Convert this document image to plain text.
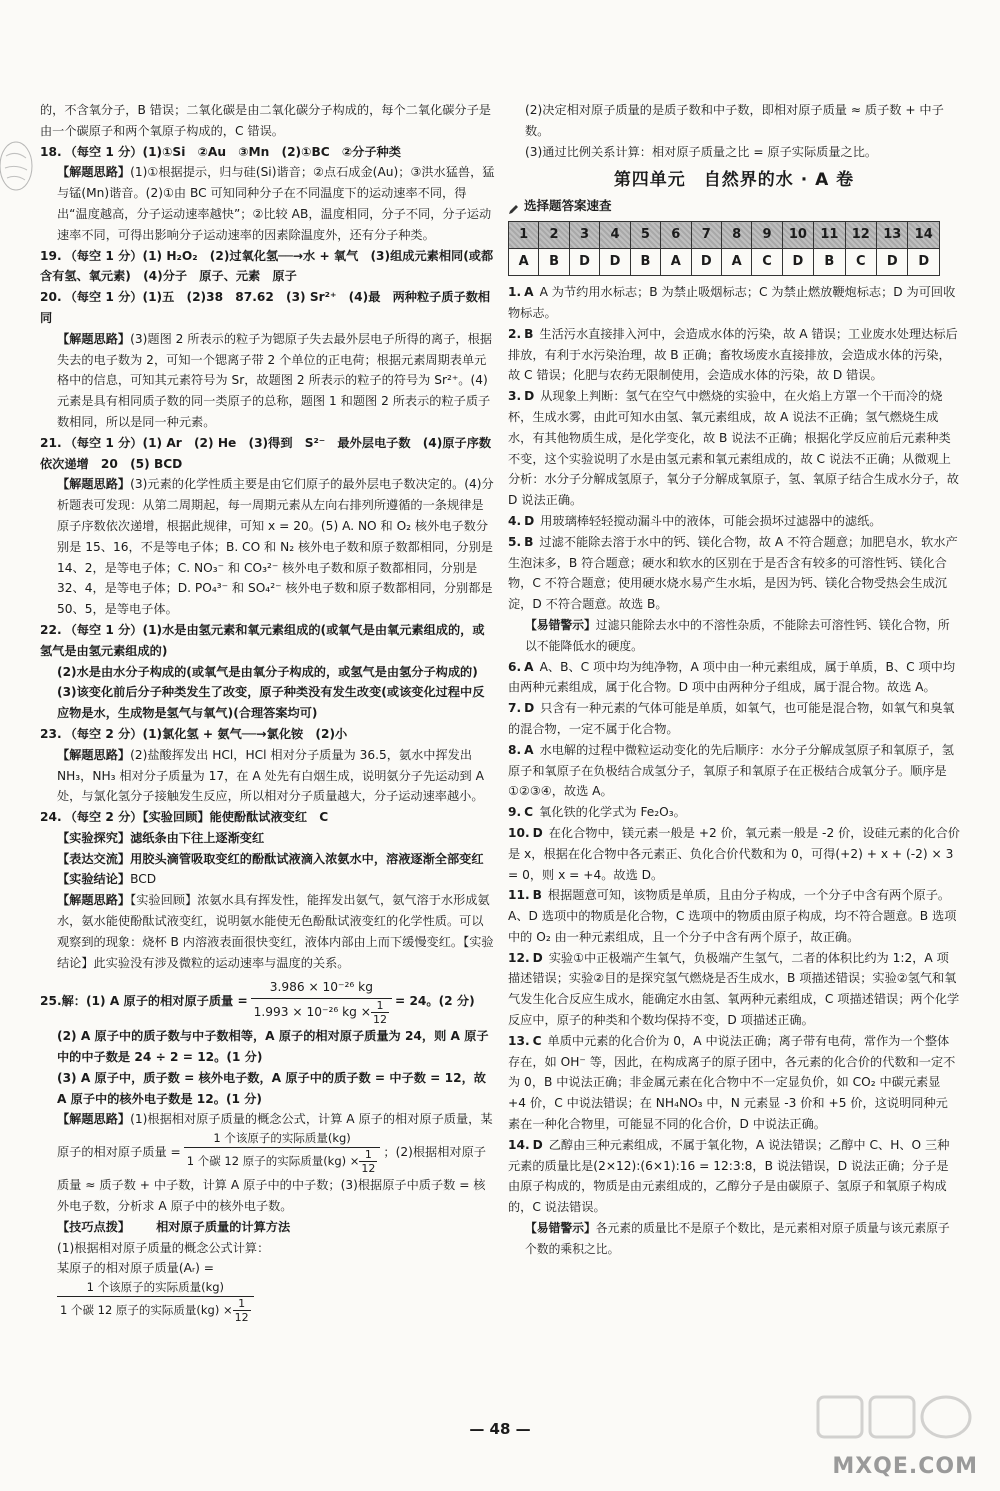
的，不含氧分子，B 错误；二氧化碳是由二氧化碳分子构成的，每个二氧化碳分子是由一个碳原子和两个氧原子构成的，C 错误。

18. （每空 1 分）(1)①Si　②Au　③Mn　(2)①BC　②分子种类

【解题思路】(1)①根据提示，归与硅(Si)谐音；②点石成金(Au)；③洪水猛兽，猛与锰(Mn)谐音。(2)①由 BC 可知同种分子在不同温度下的运动速率不同，得出“温度越高，分子运动速率越快”；②比较 AB，温度相同，分子不同，分子运动速率不同，可得出影响分子运动速率的因素除温度外，还有分子种类。

19. （每空 1 分）(1) H₂O₂　(2)过氧化氢──→水 + 氧气　(3)组成元素相同(或都含有氢、氧元素)　(4)分子　原子、元素　原子

20. （每空 1 分）(1)五　(2)38　87.62　(3) Sr²⁺　(4)最　两种粒子质子数相同

【解题思路】(3)题图 2 所表示的粒子为锶原子失去最外层电子所得的离子，根据失去的电子数为 2，可知一个锶离子带 2 个单位的正电荷；根据元素周期表单元格中的信息，可知其元素符号为 Sr，故题图 2 所表示的粒子的符号为 Sr²⁺。(4)元素是具有相同质子数的同一类原子的总称，题图 1 和题图 2 所表示的粒子质子数相同，所以是同一种元素。

21. （每空 1 分）(1) Ar　(2) He　(3)得到　S²⁻　最外层电子数　(4)原子序数依次递增　20　(5) BCD

【解题思路】(3)元素的化学性质主要是由它们原子的最外层电子数决定的。(4)分析题表可发现：从第二周期起，每一周期元素从左向右排列所遵循的一条规律是原子序数依次递增，根据此规律，可知 x = 20。(5) A. NO 和 O₂ 核外电子数分别是 15、16，不是等电子体；B. CO 和 N₂ 核外电子数和原子数都相同，分别是 14、2，是等电子体；C. NO₃⁻ 和 CO₃²⁻ 核外电子数和原子数都相同，分别是 32、4，是等电子体；D. PO₄³⁻ 和 SO₄²⁻ 核外电子数和原子数都相同，分别都是 50、5，是等电子体。

22. （每空 1 分）(1)水是由氢元素和氧元素组成的(或氧气是由氧元素组成的，或氢气是由氢元素组成的)

(2)水是由水分子构成的(或氧气是由氧分子构成的，或氢气是由氢分子构成的)

(3)该变化前后分子种类发生了改变，原子种类没有发生改变(或该变化过程中反应物是水，生成物是氢气与氧气)(合理答案均可)

23. （每空 2 分）(1)氯化氢 + 氨气──→氯化铵　(2)小

【解题思路】(2)盐酸挥发出 HCl，HCl 相对分子质量为 36.5，氨水中挥发出 NH₃，NH₃ 相对分子质量为 17，在 A 处先有白烟生成，说明氨分子先运动到 A 处，与氯化氢分子接触发生反应，所以相对分子质量越大，分子运动速率越小。

24. （每空 2 分）【实验回顾】能使酚酞试液变红　C

【实验探究】滤纸条由下往上逐渐变红

【表达交流】用胶头滴管吸取变红的酚酞试液滴入浓氨水中，溶液逐渐全部变红

【实验结论】BCD

【解题思路】【实验回顾】浓氨水具有挥发性，能挥发出氨气，氨气溶于水形成氨水，氨水能使酚酞试液变红，说明氨水能使无色酚酞试液变红的化学性质。可以观察到的现象：烧杯 B 内溶液表面很快变红，液体内部由上而下缓慢变红。【实验结论】此实验没有涉及微粒的运动速率与温度的关系。

25.解：(1) A 原子的相对原子质量 = $\frac{\text{3.986 × 10⁻²⁶ kg}}{1.993 \times 10^{-26} kg \times \frac{1}{12}} = 24$。(2 分)

(2) A 原子中的质子数与中子数相等，A 原子的相对原子质量为 24，则 A 原子中的中子数是 24 ÷ 2 = 12。(1 分)

(3) A 原子中，质子数 = 核外电子数，A 原子中的质子数 = 中子数 = 12，故 A 原子中的核外电子数是 12。(1 分)

【解题思路】(1)根据相对原子质量的概念公式，计算 A 原子的相对原子质量，某原子的相对原子质量 = $\frac{\text{1 个该原子的实际质量(kg)}}{1 个碳 12 原子的实际质量(kg) \times \frac{1}{12}}$ ；(2)根据相对原子质量 ≈ 质子数 + 中子数，计算 A 原子中的中子数；(3)根据原子中质子数 = 核外电子数，分析求 A 原子中的核外电子数。

【技巧点拨】 相对原子质量的计算方法

(1)根据相对原子质量的概念公式计算：

某原子的相对原子质量(Aᵣ) =

$\frac{\text{1 个该原子的实际质量(kg)}}{1 个碳 12 原子的实际质量(kg) \times \frac{1}{12}}$

(2)决定相对原子质量的是质子数和中子数，即相对原子质量 ≈ 质子数 + 中子数。

(3)通过比例关系计算：相对原子质量之比 = 原子实际质量之比。

第四单元　自然界的水 · A 卷
选择题答案速查
1	2	3	4	5	6	7	8	9	10	11	12	13	14
A	B	D	D	B	A	D	A	C	D	B	C	D	D

1. A A 为节约用水标志；B 为禁止吸烟标志；C 为禁止燃放鞭炮标志；D 为可回收物标志。

2. B 生活污水直接排入河中，会造成水体的污染，故 A 错误；工业废水处理达标后排放，有利于水污染治理，故 B 正确；畜牧场废水直接排放，会造成水体的污染，故 C 错误；化肥与农药无限制使用，会造成水体的污染，故 D 错误。

3. D 从现象上判断：氢气在空气中燃烧的实验中，在火焰上方罩一个干而冷的烧杯，生成水雾，由此可知水由氢、氧元素组成，故 A 说法不正确；氢气燃烧生成水，有其他物质生成，是化学变化，故 B 说法不正确；根据化学反应前后元素种类不变，这个实验说明了水是由氢元素和氧元素组成的，故 C 说法不正确；从微观上分析：水分子分解成氢原子，氧分子分解成氧原子，氢、氧原子结合生成水分子，故 D 说法正确。

4. D 用玻璃棒轻轻搅动漏斗中的液体，可能会损坏过滤器中的滤纸。

5. B 过滤不能除去溶于水中的钙、镁化合物，故 A 不符合题意；加肥皂水，软水产生泡沫多，B 符合题意；硬水和软水的区别在于是否含有较多的可溶性钙、镁化合物，C 不符合题意；使用硬水烧水易产生水垢，是因为钙、镁化合物受热会生成沉淀，D 不符合题意。故选 B。

【易错警示】过滤只能除去水中的不溶性杂质，不能除去可溶性钙、镁化合物，所以不能降低水的硬度。

6. A A、B、C 项中均为纯净物，A 项中由一种元素组成，属于单质，B、C 项中均由两种元素组成，属于化合物。D 项中由两种分子组成，属于混合物。故选 A。

7. D 只含有一种元素的气体可能是单质，如氧气，也可能是混合物，如氧气和臭氧的混合物，一定不属于化合物。

8. A 水电解的过程中微粒运动变化的先后顺序：水分子分解成氢原子和氧原子，氢原子和氧原子在负极结合成氢分子，氧原子和氧原子在正极结合成氧分子。顺序是①②③④，故选 A。

9. C 氧化铁的化学式为 Fe₂O₃。

10. D 在化合物中，镁元素一般是 +2 价，氧元素一般是 -2 价，设硅元素的化合价是 x，根据在化合物中各元素正、负化合价代数和为 0，可得(+2) + x + (-2) × 3 = 0，则 x = +4。故选 D。

11. B 根据题意可知，该物质是单质，且由分子构成，一个分子中含有两个原子。A、D 选项中的物质是化合物，C 选项中的物质由原子构成，均不符合题意。B 选项中的 O₂ 由一种元素组成，且一个分子中含有两个原子，故正确。

12. D 实验①中正极端产生氧气，负极端产生氢气，二者的体积比约为 1:2，A 项描述错误；实验②目的是探究氢气燃烧是否生成水，B 项描述错误；实验②氢气和氧气发生化合反应生成水，能确定水由氢、氧两种元素组成，C 项描述错误；两个化学反应中，原子的种类和个数均保持不变，D 项描述正确。

13. C 单质中元素的化合价为 0，A 中说法正确；离子带有电荷，常作为一个整体存在，如 OH⁻ 等，因此，在构成离子的原子团中，各元素的化合价的代数和一定不为 0，B 中说法正确；非金属元素在化合物中不一定显负价，如 CO₂ 中碳元素显 +4 价，C 中说法错误；在 NH₄NO₃ 中，N 元素显 -3 价和 +5 价，这说明同种元素在一种化合物里，可能显不同的化合价，D 中说法正确。

14. D 乙醇由三种元素组成，不属于氧化物，A 说法错误；乙醇中 C、H、O 三种元素的质量比是(2×12):(6×1):16 = 12:3:8，B 说法错误，D 说法正确；分子是由原子构成的，物质是由元素组成的，乙醇分子是由碳原子、氢原子和氧原子构成的，C 说法错误。

【易错警示】各元素的质量比不是原子个数比，是元素相对原子质量与该元素原子个数的乘积之比。

— 48 —
MXQE.COM
